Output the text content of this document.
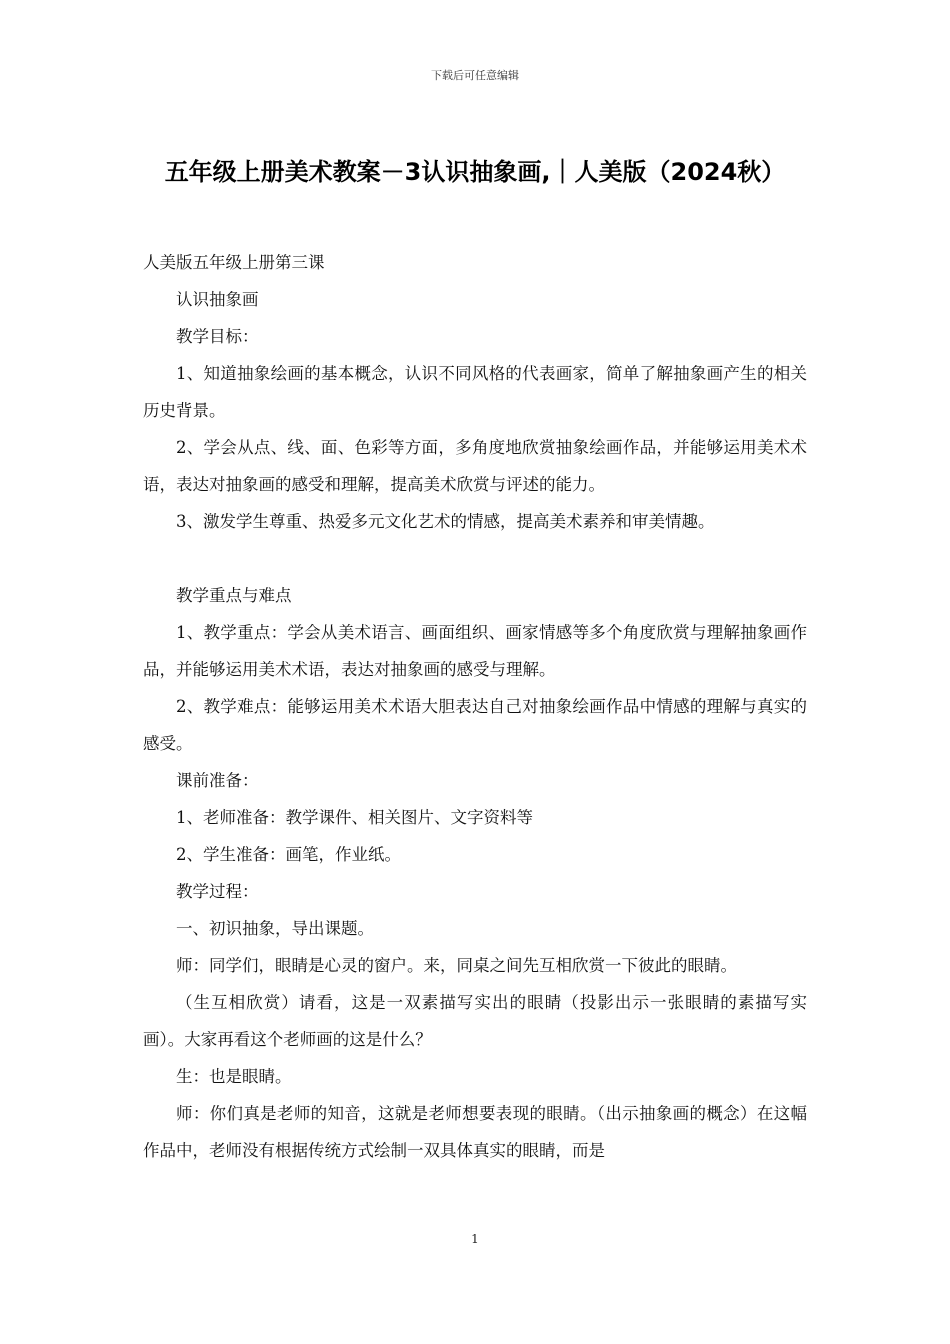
下载后可任意编辑
五年级上册美术教案－3认识抽象画,｜人美版（2024秋）

人美版五年级上册第三课

认识抽象画

教学目标：

1、知道抽象绘画的基本概念，认识不同风格的代表画家，简单了解抽象画产生的相关历史背景。

2、学会从点、线、面、色彩等方面，多角度地欣赏抽象绘画作品，并能够运用美术术语，表达对抽象画的感受和理解，提高美术欣赏与评述的能力。

3、激发学生尊重、热爱多元文化艺术的情感，提高美术素养和审美情趣。

教学重点与难点

1、教学重点：学会从美术语言、画面组织、画家情感等多个角度欣赏与理解抽象画作品，并能够运用美术术语，表达对抽象画的感受与理解。

2、教学难点：能够运用美术术语大胆表达自己对抽象绘画作品中情感的理解与真实的感受。

课前准备：

1、老师准备：教学课件、相关图片、文字资料等

2、学生准备：画笔，作业纸。

教学过程：

一、初识抽象，导出课题。

师：同学们，眼睛是心灵的窗户。来，同桌之间先互相欣赏一下彼此的眼睛。

（生互相欣赏）请看，这是一双素描写实出的眼睛（投影出示一张眼睛的素描写实画）。大家再看这个老师画的这是什么？

生：也是眼睛。

师：你们真是老师的知音，这就是老师想要表现的眼睛。（出示抽象画的概念）在这幅作品中，老师没有根据传统方式绘制一双具体真实的眼睛，而是

1
